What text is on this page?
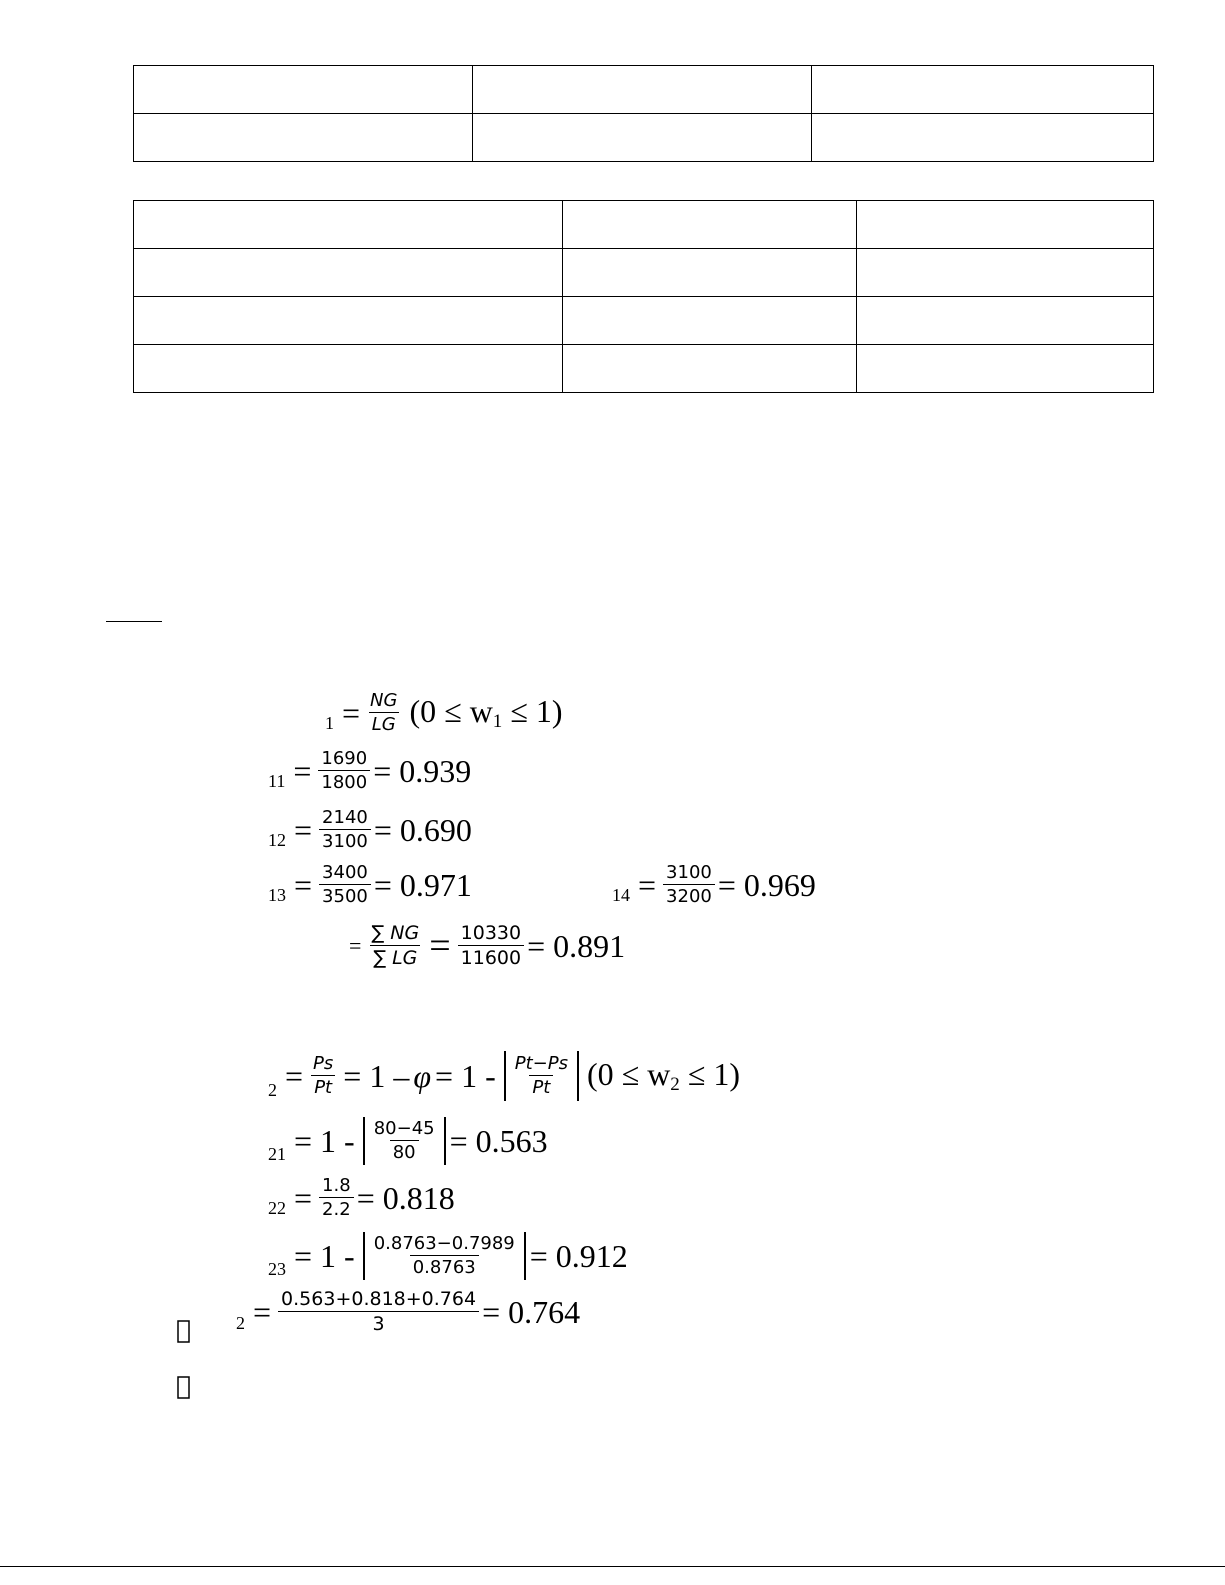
$1 = \frac{NG}{LG} (0 \le w1 \le 1)$
$11 = \frac{1690}{1800} = 0.939$
$12 = \frac{2140}{3100} = 0.690$
$13 = \frac{3400}{3500} = 0.971$	$14 = \frac{3100}{3200} = 0.969$
= $\frac{\sum NG}{\sum LG} = \frac{10330}{11600} = 0.891$
$2 = \frac{Ps}{Pt} = 1 - \varphi = 1 - \frac{Pt-Ps}{Pt} (0 \le w2 \le 1)$
$21 = 1 - \frac{80-45}{80} = 0.563$
$22 = \frac{1.8}{2.2} = 0.818$
$23 = 1 - \frac{0.8763-0.7989}{0.8763} = 0.912$
$2 = \frac{0.563+0.818+0.764}{3} = 0.764$
